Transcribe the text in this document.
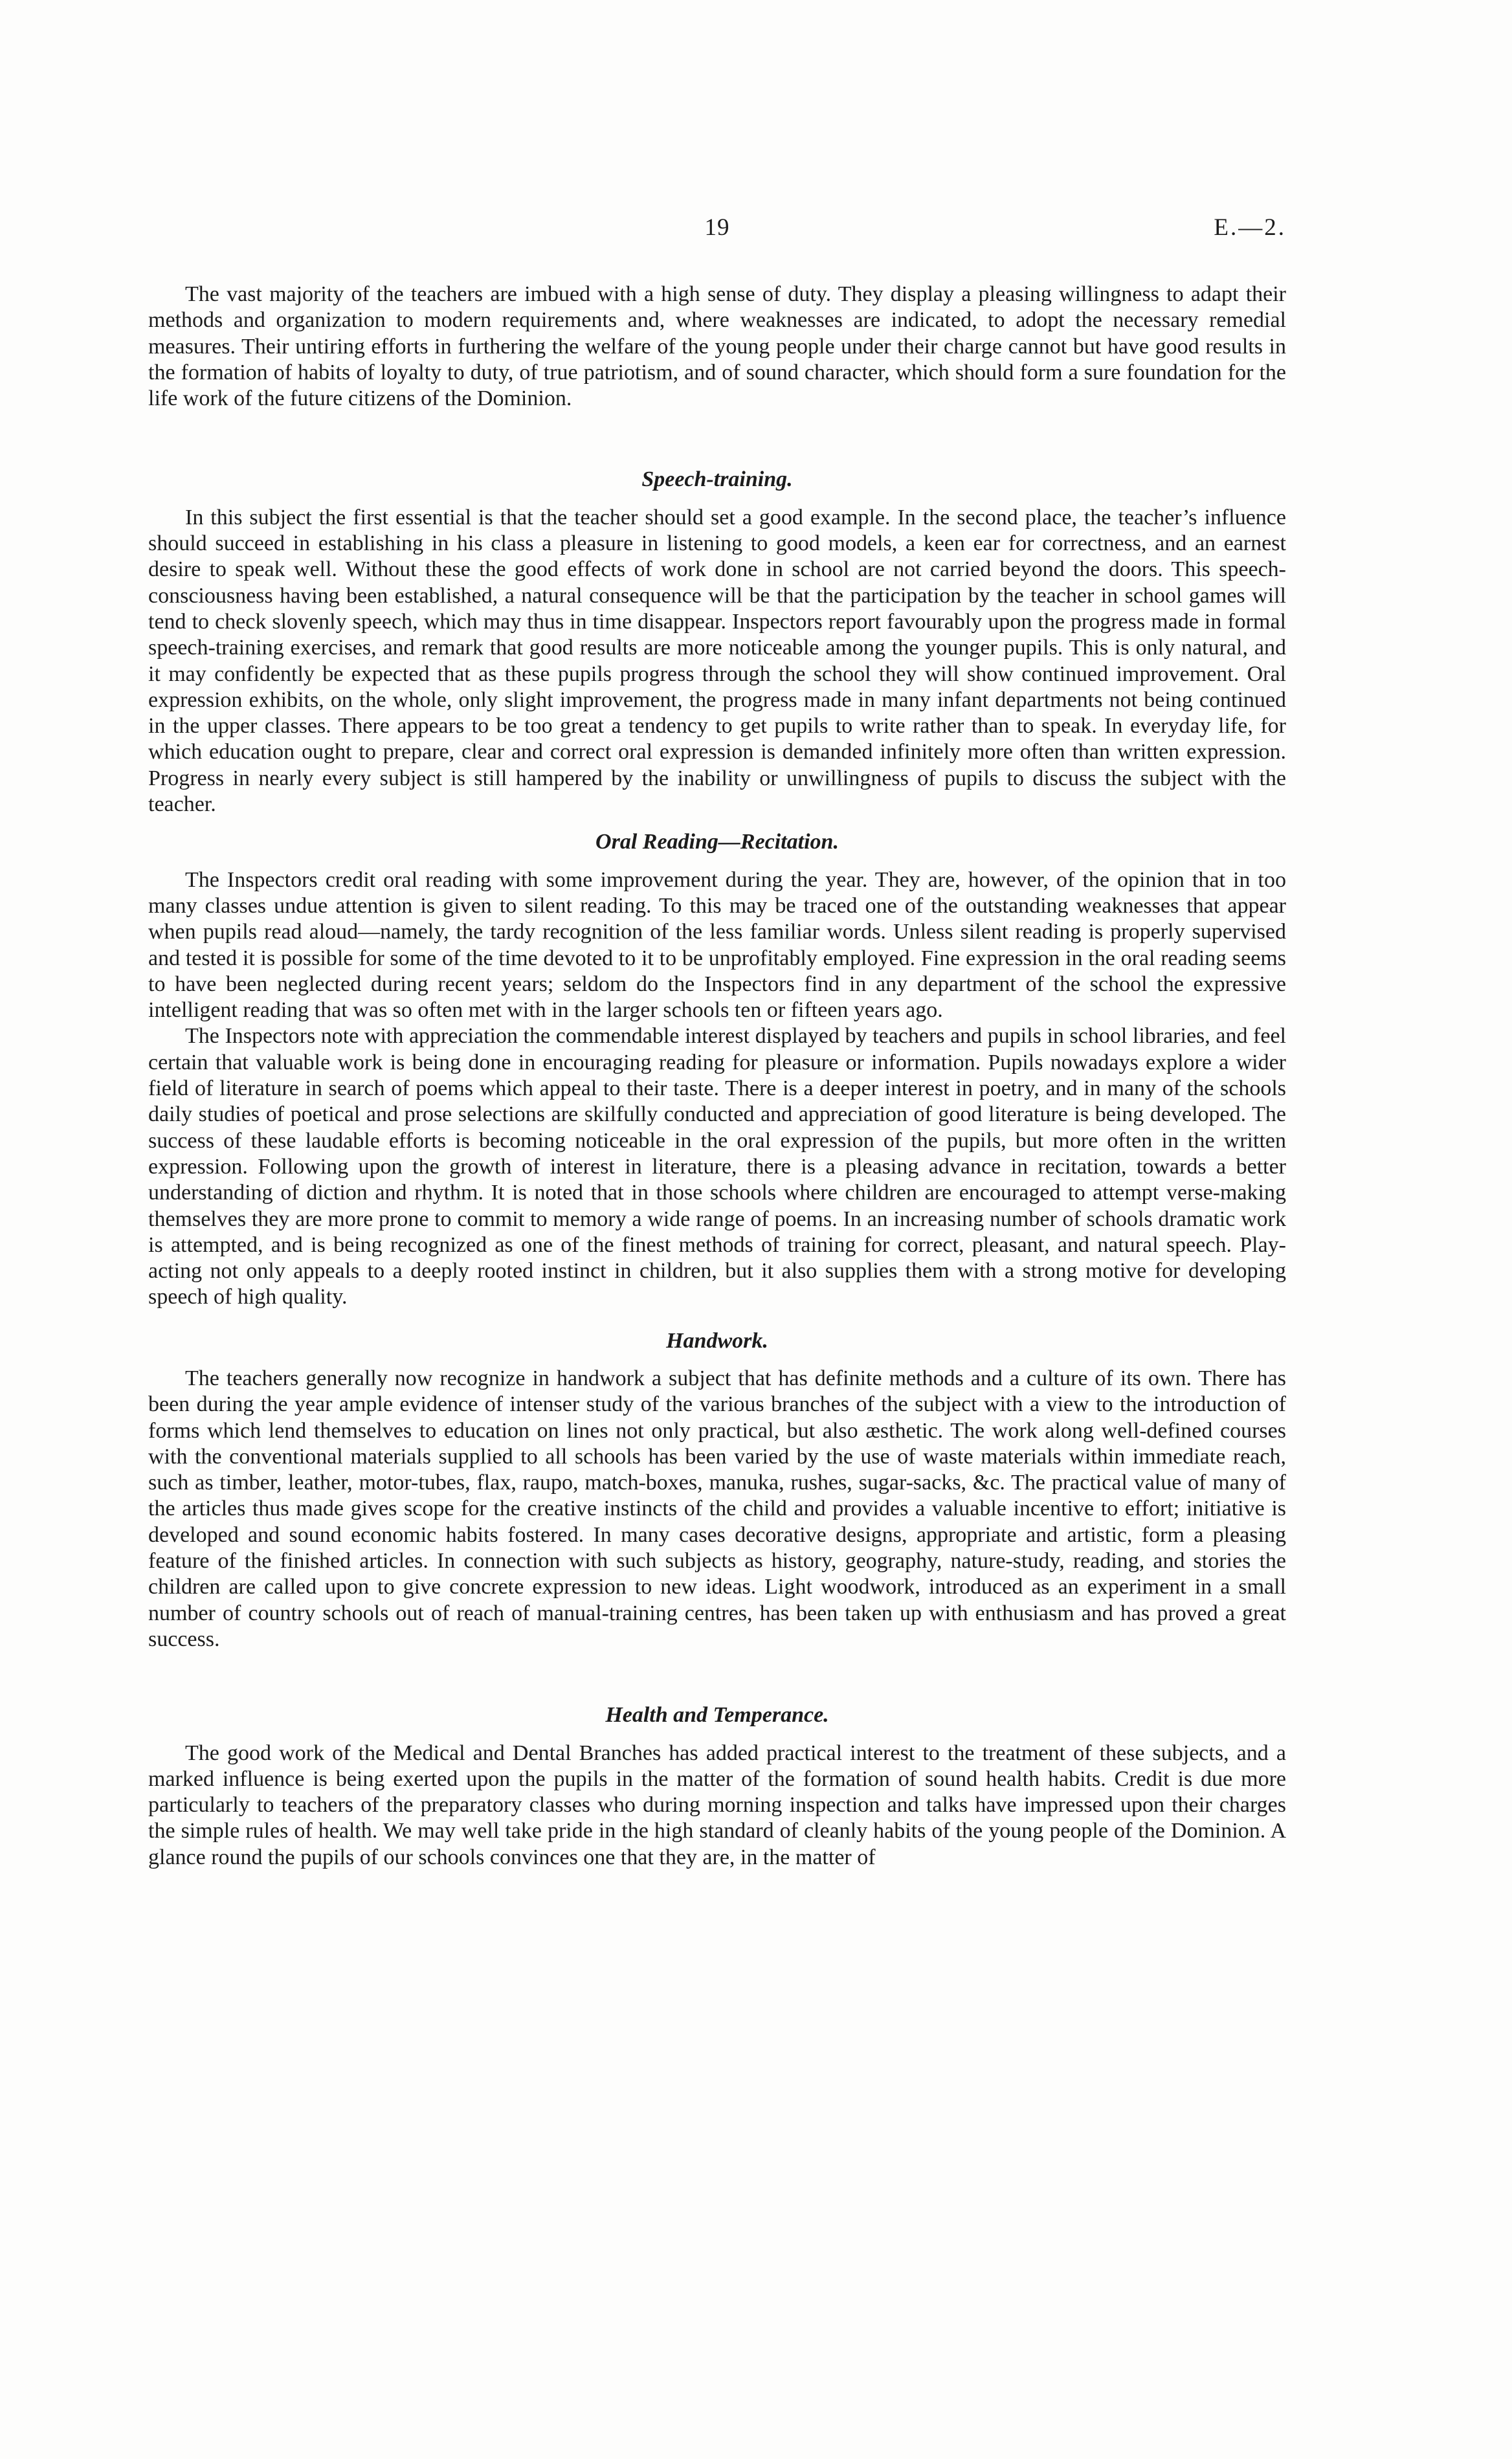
19	E.—2.

The vast majority of the teachers are imbued with a high sense of duty. They display a pleasing willingness to adapt their methods and organization to modern requirements and, where weaknesses are indicated, to adopt the necessary remedial measures. Their untiring efforts in furthering the welfare of the young people under their charge cannot but have good results in the formation of habits of loyalty to duty, of true patriotism, and of sound character, which should form a sure foundation for the life work of the future citizens of the Dominion.

Speech-training.

In this subject the first essential is that the teacher should set a good example. In the second place, the teacher’s influence should succeed in establishing in his class a pleasure in listening to good models, a keen ear for correctness, and an earnest desire to speak well. Without these the good effects of work done in school are not carried beyond the doors. This speech-consciousness having been established, a natural consequence will be that the participation by the teacher in school games will tend to check slovenly speech, which may thus in time disappear. Inspectors report favourably upon the progress made in formal speech-training exercises, and remark that good results are more noticeable among the younger pupils. This is only natural, and it may confidently be expected that as these pupils progress through the school they will show continued improvement. Oral expression exhibits, on the whole, only slight improvement, the progress made in many infant departments not being continued in the upper classes. There appears to be too great a tendency to get pupils to write rather than to speak. In everyday life, for which education ought to prepare, clear and correct oral expression is demanded infinitely more often than written expression. Progress in nearly every subject is still hampered by the inability or unwillingness of pupils to discuss the subject with the teacher.

Oral Reading—Recitation.

The Inspectors credit oral reading with some improvement during the year. They are, however, of the opinion that in too many classes undue attention is given to silent reading. To this may be traced one of the outstanding weaknesses that appear when pupils read aloud—namely, the tardy recognition of the less familiar words. Unless silent reading is properly supervised and tested it is possible for some of the time devoted to it to be unprofitably employed. Fine expression in the oral reading seems to have been neglected during recent years; seldom do the Inspectors find in any department of the school the expressive intelligent reading that was so often met with in the larger schools ten or fifteen years ago.

The Inspectors note with appreciation the commendable interest displayed by teachers and pupils in school libraries, and feel certain that valuable work is being done in encouraging reading for pleasure or information. Pupils nowadays explore a wider field of literature in search of poems which appeal to their taste. There is a deeper interest in poetry, and in many of the schools daily studies of poetical and prose selections are skilfully conducted and appreciation of good literature is being developed. The success of these laudable efforts is becoming noticeable in the oral expression of the pupils, but more often in the written expression. Following upon the growth of interest in literature, there is a pleasing advance in recitation, towards a better understanding of diction and rhythm. It is noted that in those schools where children are encouraged to attempt verse-making themselves they are more prone to commit to memory a wide range of poems. In an increasing number of schools dramatic work is attempted, and is being recognized as one of the finest methods of training for correct, pleasant, and natural speech. Play-acting not only appeals to a deeply rooted instinct in children, but it also supplies them with a strong motive for developing speech of high quality.

Handwork.

The teachers generally now recognize in handwork a subject that has definite methods and a culture of its own. There has been during the year ample evidence of intenser study of the various branches of the subject with a view to the introduction of forms which lend themselves to education on lines not only practical, but also æsthetic. The work along well-defined courses with the conventional materials supplied to all schools has been varied by the use of waste materials within immediate reach, such as timber, leather, motor-tubes, flax, raupo, match-boxes, manuka, rushes, sugar-sacks, &c. The practical value of many of the articles thus made gives scope for the creative instincts of the child and provides a valuable incentive to effort; initiative is developed and sound economic habits fostered. In many cases decorative designs, appropriate and artistic, form a pleasing feature of the finished articles. In connection with such subjects as history, geography, nature-study, reading, and stories the children are called upon to give concrete expression to new ideas. Light woodwork, introduced as an experiment in a small number of country schools out of reach of manual-training centres, has been taken up with enthusiasm and has proved a great success.

Health and Temperance.

The good work of the Medical and Dental Branches has added practical interest to the treatment of these subjects, and a marked influence is being exerted upon the pupils in the matter of the formation of sound health habits. Credit is due more particularly to teachers of the preparatory classes who during morning inspection and talks have impressed upon their charges the simple rules of health. We may well take pride in the high standard of cleanly habits of the young people of the Dominion. A glance round the pupils of our schools convinces one that they are, in the matter of
